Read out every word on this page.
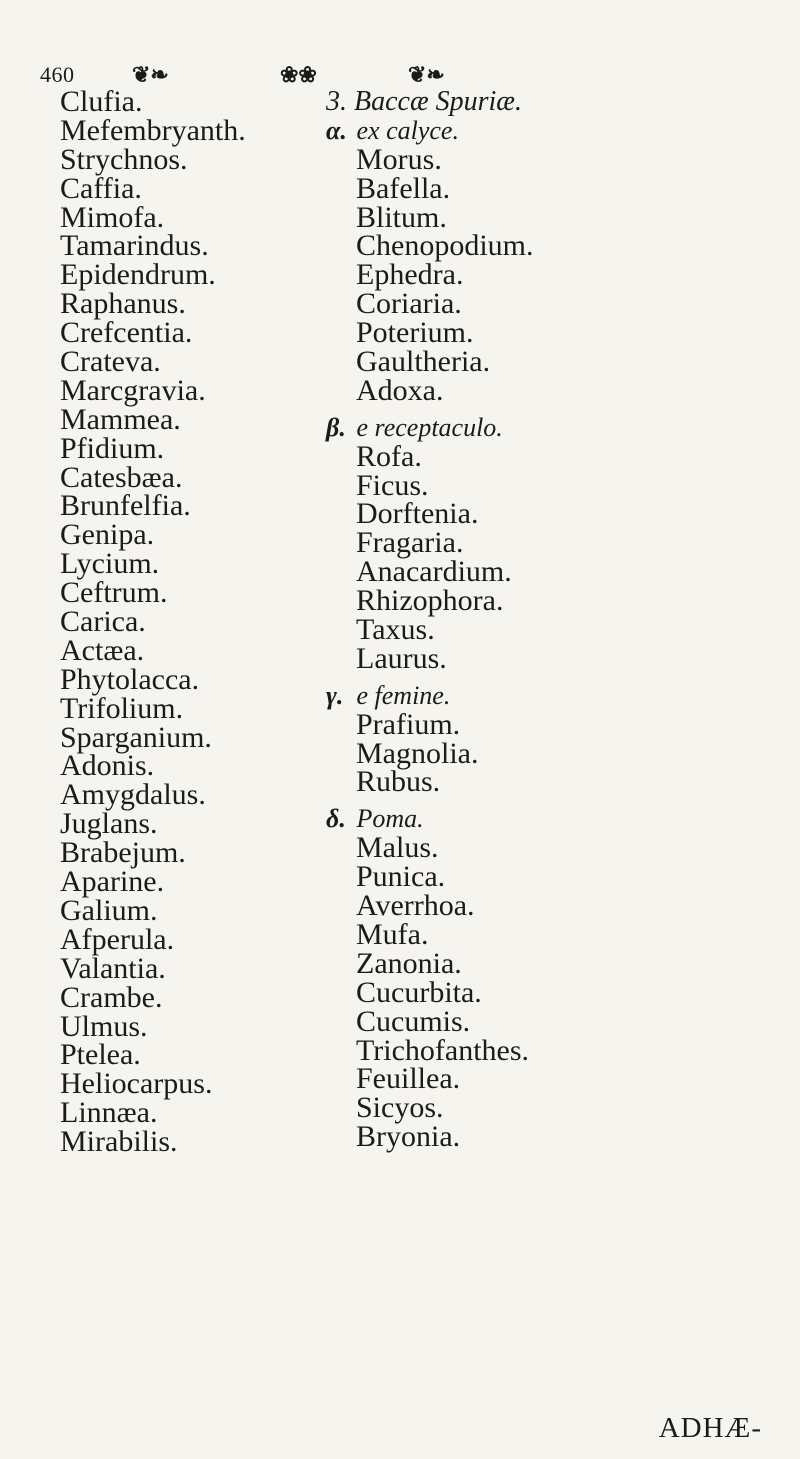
460	❦❧	❀❀	❦❧
Clufia.
Mefembryanth.
Strychnos.
Caffia.
Mimofa.
Tamarindus.
Epidendrum.
Raphanus.
Crefcentia.
Crateva.
Marcgravia.
Mammea.
Pfidium.
Catesbæa.
Brunfelfia.
Genipa.
Lycium.
Ceftrum.
Carica.
Actæa.
Phytolacca.
Trifolium.
Sparganium.
Adonis.
Amygdalus.
Juglans.
Brabejum.
Aparine.
Galium.
Afperula.
Valantia.
Crambe.
Ulmus.
Ptelea.
Heliocarpus.
Linnæa.
Mirabilis.
3. Baccæ Spuriæ.
α. ex calyce.
Morus.
Bafella.
Blitum.
Chenopodium.
Ephedra.
Coriaria.
Poterium.
Gaultheria.
Adoxa.
β. e receptaculo.
Rofa.
Ficus.
Dorftenia.
Fragaria.
Anacardium.
Rhizophora.
Taxus.
Laurus.
γ. e femine.
Prafium.
Magnolia.
Rubus.
δ. Poma.
Malus.
Punica.
Averrhoa.
Mufa.
Zanonia.
Cucurbita.
Cucumis.
Trichofanthes.
Feuillea.
Sicyos.
Bryonia.
ADHÆ-
